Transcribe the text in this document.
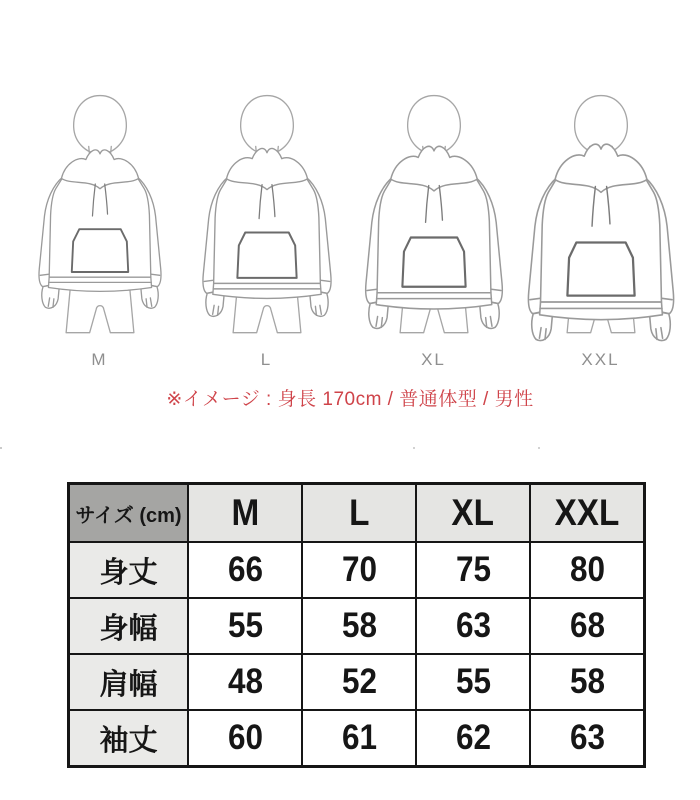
M	L	XL	XXL
※イメージ : 身長 170cm / 普通体型 / 男性
サイズ (cm)	M	L	XL	XXL
身丈	66	70	75	80
身幅	55	58	63	68
肩幅	48	52	55	58
袖丈	60	61	62	63
